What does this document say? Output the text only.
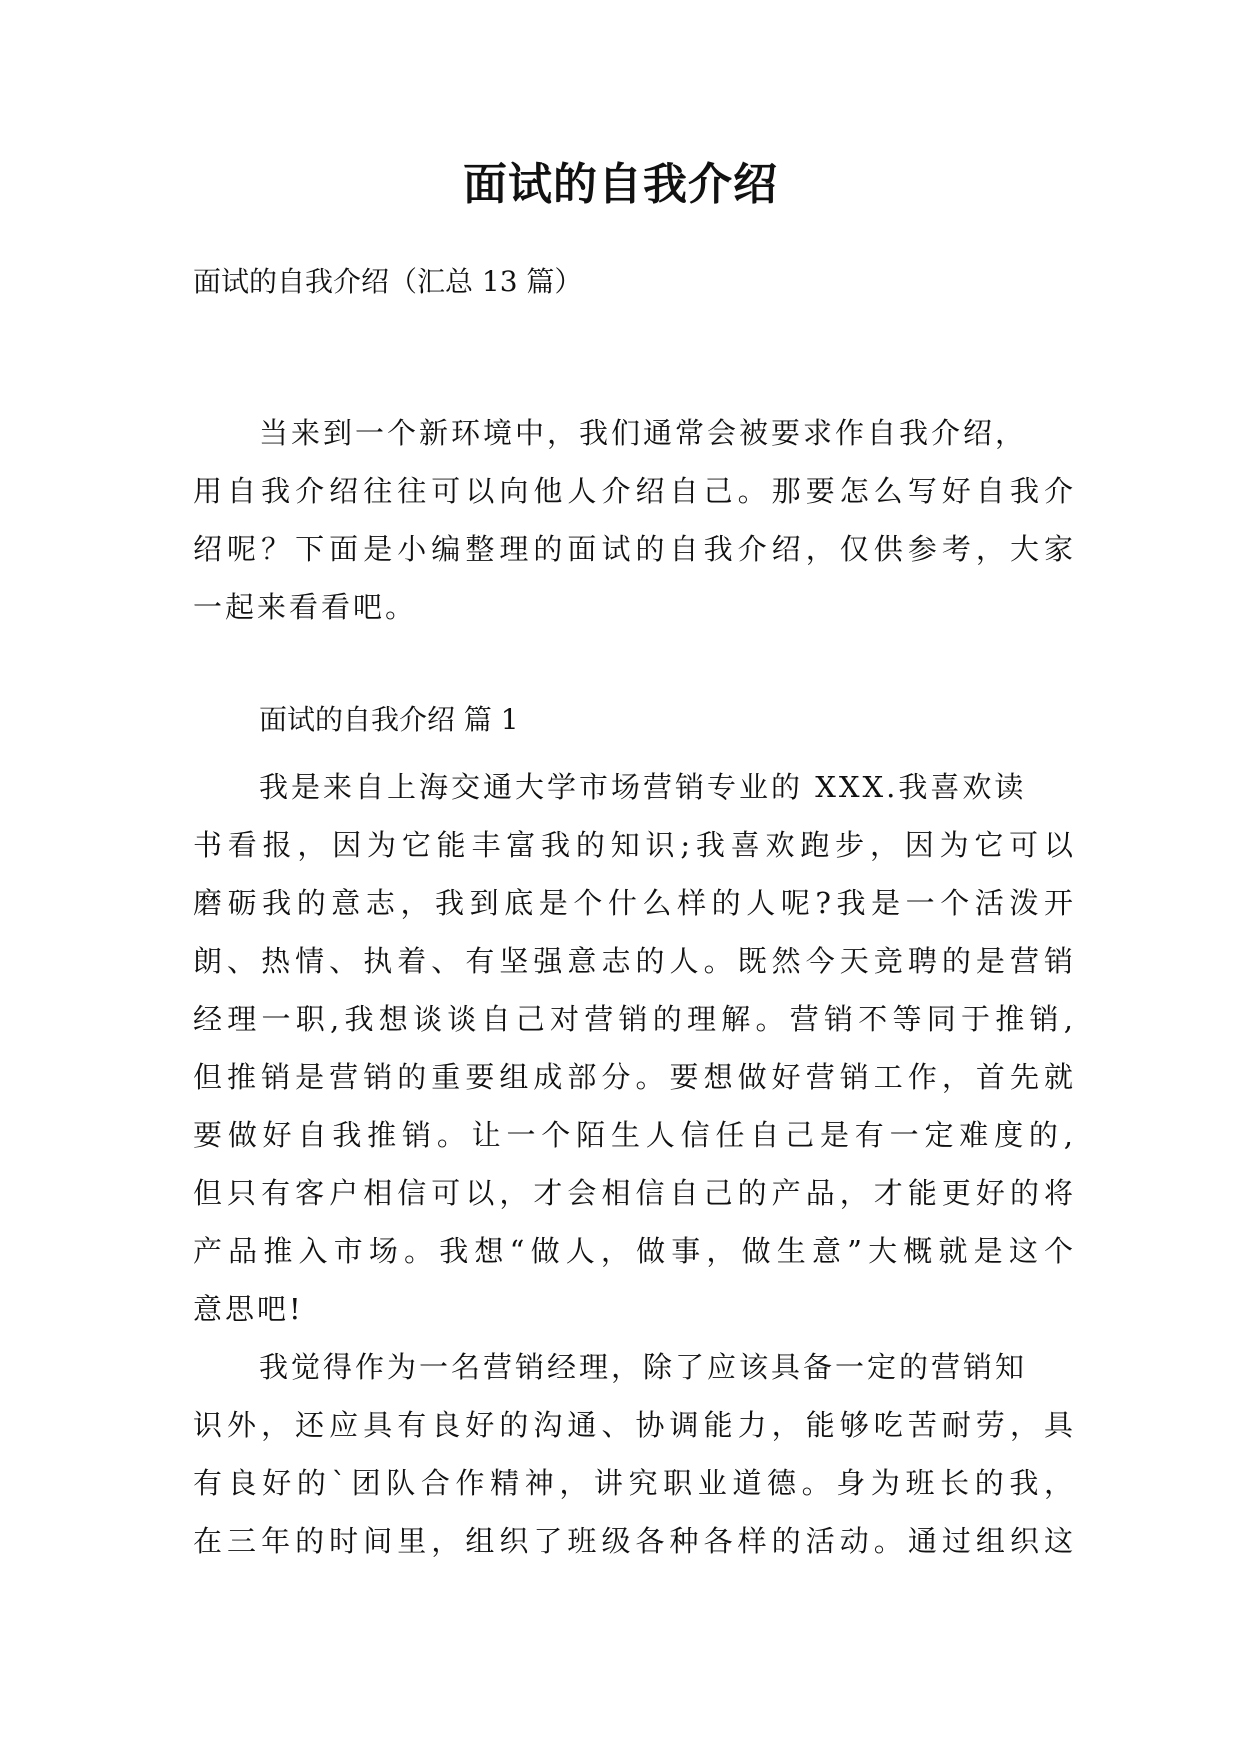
面试的自我介绍
面试的自我介绍（汇总 13 篇）
当来到一个新环境中，我们通常会被要求作自我介绍，
用自我介绍往往可以向他人介绍自己。那要怎么写好自我介
绍呢？下面是小编整理的面试的自我介绍，仅供参考，大家
一起来看看吧。
面试的自我介绍 篇 1
我是来自上海交通大学市场营销专业的 XXX.我喜欢读
书看报，因为它能丰富我的知识;我喜欢跑步，因为它可以
磨砺我的意志，我到底是个什么样的人呢?我是一个活泼开
朗、热情、执着、有坚强意志的人。既然今天竞聘的是营销
经理一职,我想谈谈自己对营销的理解。营销不等同于推销,
但推销是营销的重要组成部分。要想做好营销工作，首先就
要做好自我推销。让一个陌生人信任自己是有一定难度的,
但只有客户相信可以，才会相信自己的产品，才能更好的将
产品推入市场。我想“做人，做事，做生意”大概就是这个
意思吧!
我觉得作为一名营销经理，除了应该具备一定的营销知
识外，还应具有良好的沟通、协调能力，能够吃苦耐劳，具
有良好的`团队合作精神，讲究职业道德。身为班长的我，
在三年的时间里，组织了班级各种各样的活动。通过组织这
